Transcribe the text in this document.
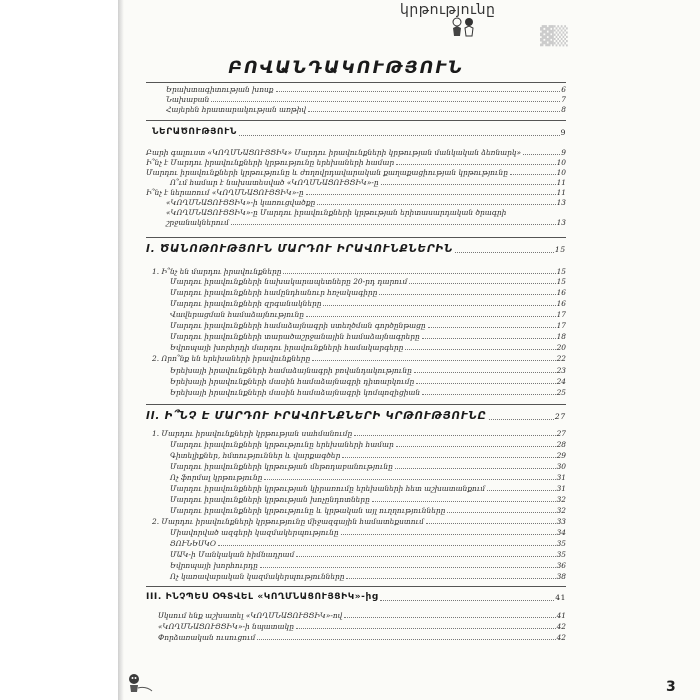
կրթությունը
▓▒
ԲՈՎԱՆԴԱԿՈՒԹՅՈՒՆ
Երախտագիտության խոսք	6
Նախաբան	7
Հայերեն հրատարակության առթիվ	8
ՆԵՐԱԾՈՒԹՅՈՒՆ	9
Բարի գալուստ «ԿՈՂՄՆԱՑՈՒՅՑԻԿ» Մարդու իրավունքների կրթության մանկական ձեռնարկ»	9
Ի՞նչ է Մարդու իրավունքների կրթությունը երեխաների համար	10
Մարդու իրավունքների կրթությունը և ժողովրդավարական քաղաքացիության կրթությունը	10
Ո՞ւմ համար է նախատեսված «ԿՈՂՄՆԱՑՈՒՅՑԻԿ»-ը	11
Ի՞նչ է ներառում «ԿՈՂՄՆԱՑՈՒՅՑԻԿ»-ը	11
«ԿՈՂՄՆԱՑՈՒՅՑԻԿ»-ի կառուցվածքը	13
«ԿՈՂՄՆԱՑՈՒՅՑԻԿ»-ը Մարդու իրավունքների կրթության երիտասարդական ծրագրի
շրջանակներում	13
I. ԾԱՆՈԹՈՒԹՅՈՒՆ ՄԱՐԴՈՒ ԻՐԱՎՈՒՆՔՆԵՐԻՆ	15
1. Ի՞նչ են մարդու իրավունքները	15
Մարդու իրավունքների նախակարապետները 20-րդ դարում	15
Մարդու իրավունքների համընդհանուր հռչակագիրը	16
Մարդու իրավունքների զրգանակները	16
Վավերացման համաձայնությունը	17
Մարդու իրավունքների համաձայնագրի ստեղծման գործընթացը	17
Մարդու իրավունքների տարածաշրջանային համաձայնագրերը	18
Եվրոպայի խորհրդի մարդու իրավունքների համակարգերը	20
2. Որո՞նք են երեխաների իրավունքները	22
Երեխայի իրավունքների համաձայնագրի բովանդակությունը	23
Երեխայի իրավունքների մասին համաձայնագրի դիտարկումը	24
Երեխայի իրավունքների մասին համաձայնագրի կոմպոզիցիան	25
II. Ի՞ՆՉ Է ՄԱՐԴՈՒ ԻՐԱՎՈՒՆՔՆԵՐԻ ԿՐԹՈՒԹՅՈՒՆԸ	27
1. Մարդու իրավունքների կրթության սահմանումը	27
Մարդու իրավունքների կրթությունը երեխաների համար	28
Գիտելիքներ, հմտություններ և վարքագծեր	29
Մարդու իրավունքների կրթության մեթոդաբանությունը	30
Ոչ ֆորմալ կրթությունը	31
Մարդու իրավունքների կրթության կիրառումը երեխաների հետ աշխատանքում	31
Մարդու իրավունքների կրթության խոչընդոտները	32
Մարդու իրավունքների կրթությունը և կրթական այլ ուղղությունները	32
2. Մարդու իրավունքների կրթությունը միջազգային համատեքստում	33
Միավորված ազգերի կազմակերպությունը	34
ՅՈՒՆԵՍԿՕ	35
ՄԱԿ-ի Մանկական հիմնադրամ	35
Եվրոպայի խորհուրդը	36
Ոչ կառավարական կազմակերպությունները	38
III. ԻՆՉՊԵՍ ՕԳՏՎԵԼ «ԿՈՂՄՆԱՑՈՒՅՑԻԿ»-ից	41
Սկսում ենք աշխատել «ԿՈՂՄՆԱՑՈՒՅՑԻԿ»-ով	41
«ԿՈՂՄՆԱՑՈՒՅՑԻԿ»-ի նպատակը	42
Փորձառական ուսուցում	42
3
